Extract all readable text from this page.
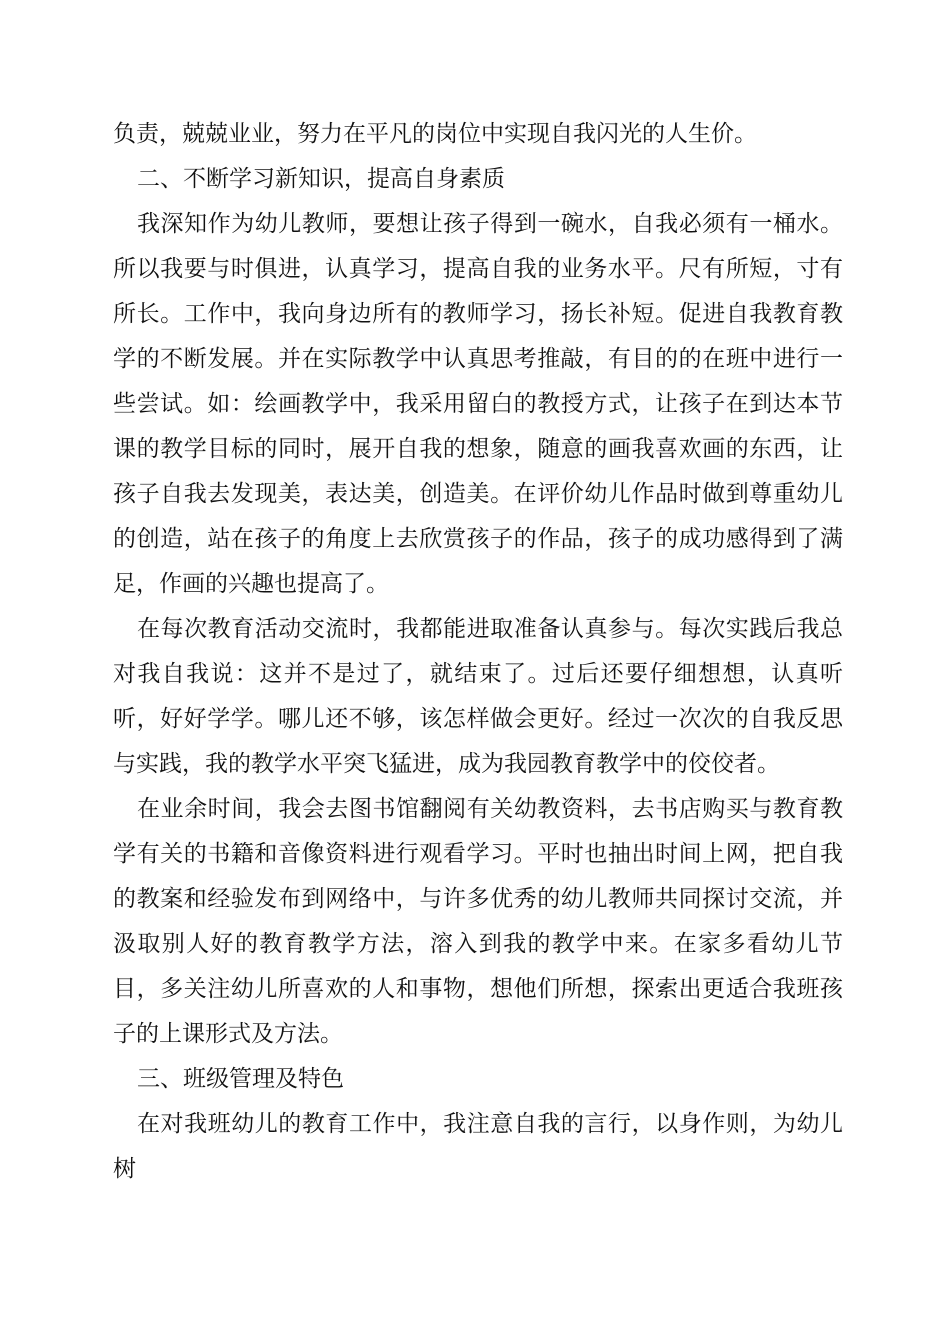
负责，兢兢业业，努力在平凡的岗位中实现自我闪光的人生价。

二、不断学习新知识，提高自身素质

我深知作为幼儿教师，要想让孩子得到一碗水，自我必须有一桶水。所以我要与时俱进，认真学习，提高自我的业务水平。尺有所短，寸有所长。工作中，我向身边所有的教师学习，扬长补短。促进自我教育教学的不断发展。并在实际教学中认真思考推敲，有目的的在班中进行一些尝试。如：绘画教学中，我采用留白的教授方式，让孩子在到达本节课的教学目标的同时，展开自我的想象，随意的画我喜欢画的东西，让孩子自我去发现美，表达美，创造美。在评价幼儿作品时做到尊重幼儿的创造，站在孩子的角度上去欣赏孩子的作品，孩子的成功感得到了满足，作画的兴趣也提高了。

在每次教育活动交流时，我都能进取准备认真参与。每次实践后我总对我自我说：这并不是过了，就结束了。过后还要仔细想想，认真听听，好好学学。哪儿还不够，该怎样做会更好。经过一次次的自我反思与实践，我的教学水平突飞猛进，成为我园教育教学中的佼佼者。

在业余时间，我会去图书馆翻阅有关幼教资料，去书店购买与教育教学有关的书籍和音像资料进行观看学习。平时也抽出时间上网，把自我的教案和经验发布到网络中，与许多优秀的幼儿教师共同探讨交流，并汲取别人好的教育教学方法，溶入到我的教学中来。在家多看幼儿节目，多关注幼儿所喜欢的人和事物，想他们所想，探索出更适合我班孩子的上课形式及方法。

三、班级管理及特色

在对我班幼儿的教育工作中，我注意自我的言行，以身作则，为幼儿树
